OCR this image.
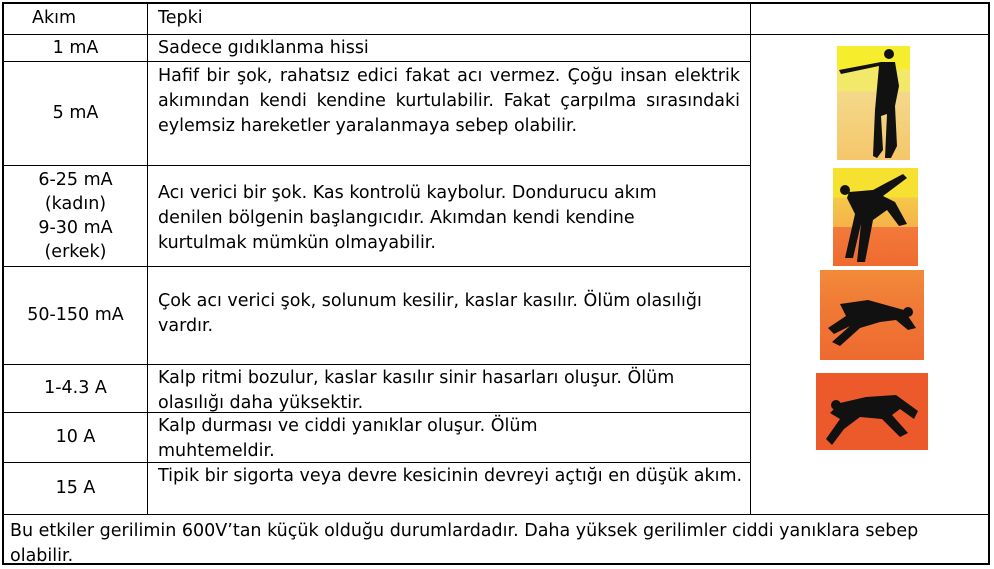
Akım	Tepki
1 mA
5 mA
6-25 mA
(kadın)
9-30 mA
(erkek)
50-150 mA
1-4.3 A
10 A
15 A
Sadece gıdıklanma hissi
Hafif bir şok, rahatsız edici fakat acı vermez. Çoğu insan elektrik akımından kendi kendine kurtulabilir. Fakat çarpılma sırasındaki eylemsiz hareketler yaralanmaya sebep olabilir.
Acı verici bir şok. Kas kontrolü kaybolur. Dondurucu akım denilen bölgenin başlangıcıdır. Akımdan kendi kendine kurtulmak mümkün olmayabilir.
Çok acı verici şok, solunum kesilir, kaslar kasılır. Ölüm olasılığı vardır.
Kalp ritmi bozulur, kaslar kasılır sinir hasarları oluşur. Ölüm olasılığı daha yüksektir.
Kalp durması ve ciddi yanıklar oluşur. Ölüm muhtemeldir.
Tipik bir sigorta veya devre kesicinin devreyi açtığı en düşük akım.
Bu etkiler gerilimin 600V’tan küçük olduğu durumlardadır. Daha yüksek gerilimler ciddi yanıklara sebep olabilir.
